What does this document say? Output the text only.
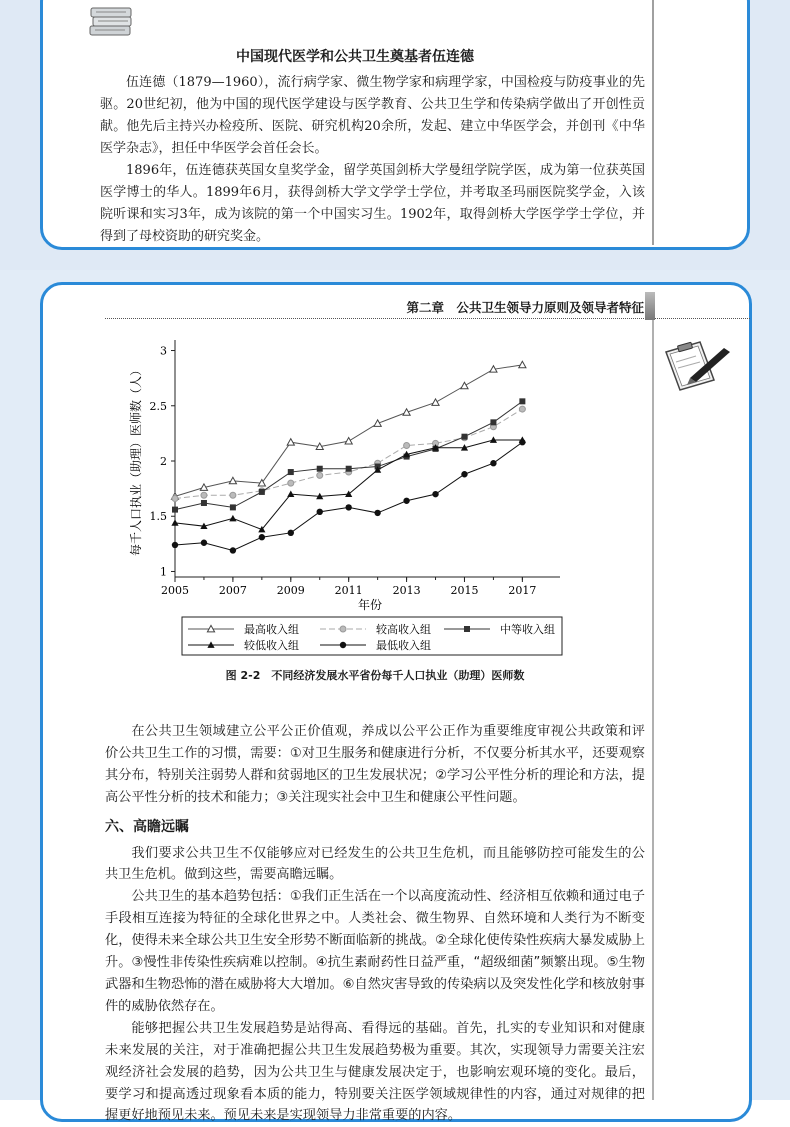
中国现代医学和公共卫生奠基者伍连德

伍连德（1879—1960），流行病学家、微生物学家和病理学家，中国检疫与防疫事业的先驱。20世纪初，他为中国的现代医学建设与医学教育、公共卫生学和传染病学做出了开创性贡献。他先后主持兴办检疫所、医院、研究机构20余所，发起、建立中华医学会，并创刊《中华医学杂志》，担任中华医学会首任会长。

1896年，伍连德获英国女皇奖学金，留学英国剑桥大学曼纽学院学医，成为第一位获英国医学博士的华人。1899年6月，获得剑桥大学文学学士学位，并考取圣玛丽医院奖学金，入该院听课和实习3年，成为该院的第一个中国实习生。1902年，取得剑桥大学医学学士学位，并得到了母校资助的研究奖金。

第二章　公共卫生领导力原则及领导者特征
1
1.5
2
2.5
3
2005	2007	2009	2011	2013	2015	2017
每千人口执业（助理）医师数（人）
年份
最高收入组	较高收入组	中等收入组
较低收入组	最低收入组
图 2-2　不同经济发展水平省份每千人口执业（助理）医师数

在公共卫生领域建立公平公正价值观，养成以公平公正作为重要维度审视公共政策和评价公共卫生工作的习惯，需要：①对卫生服务和健康进行分析，不仅要分析其水平，还要观察其分布，特别关注弱势人群和贫弱地区的卫生发展状况；②学习公平性分析的理论和方法，提高公平性分析的技术和能力；③关注现实社会中卫生和健康公平性问题。

六、高瞻远瞩

我们要求公共卫生不仅能够应对已经发生的公共卫生危机，而且能够防控可能发生的公共卫生危机。做到这些，需要高瞻远瞩。

公共卫生的基本趋势包括：①我们正生活在一个以高度流动性、经济相互依赖和通过电子手段相互连接为特征的全球化世界之中。人类社会、微生物界、自然环境和人类行为不断变化，使得未来全球公共卫生安全形势不断面临新的挑战。②全球化使传染性疾病大暴发威胁上升。③慢性非传染性疾病难以控制。④抗生素耐药性日益严重，“超级细菌”频繁出现。⑤生物武器和生物恐怖的潜在威胁将大大增加。⑥自然灾害导致的传染病以及突发性化学和核放射事件的威胁依然存在。

能够把握公共卫生发展趋势是站得高、看得远的基础。首先，扎实的专业知识和对健康未来发展的关注，对于准确把握公共卫生发展趋势极为重要。其次，实现领导力需要关注宏观经济社会发展的趋势，因为公共卫生与健康发展决定于，也影响宏观环境的变化。最后，要学习和提高透过现象看本质的能力，特别要关注医学领域规律性的内容，通过对规律的把握更好地预见未来。预见未来是实现领导力非常重要的内容。
